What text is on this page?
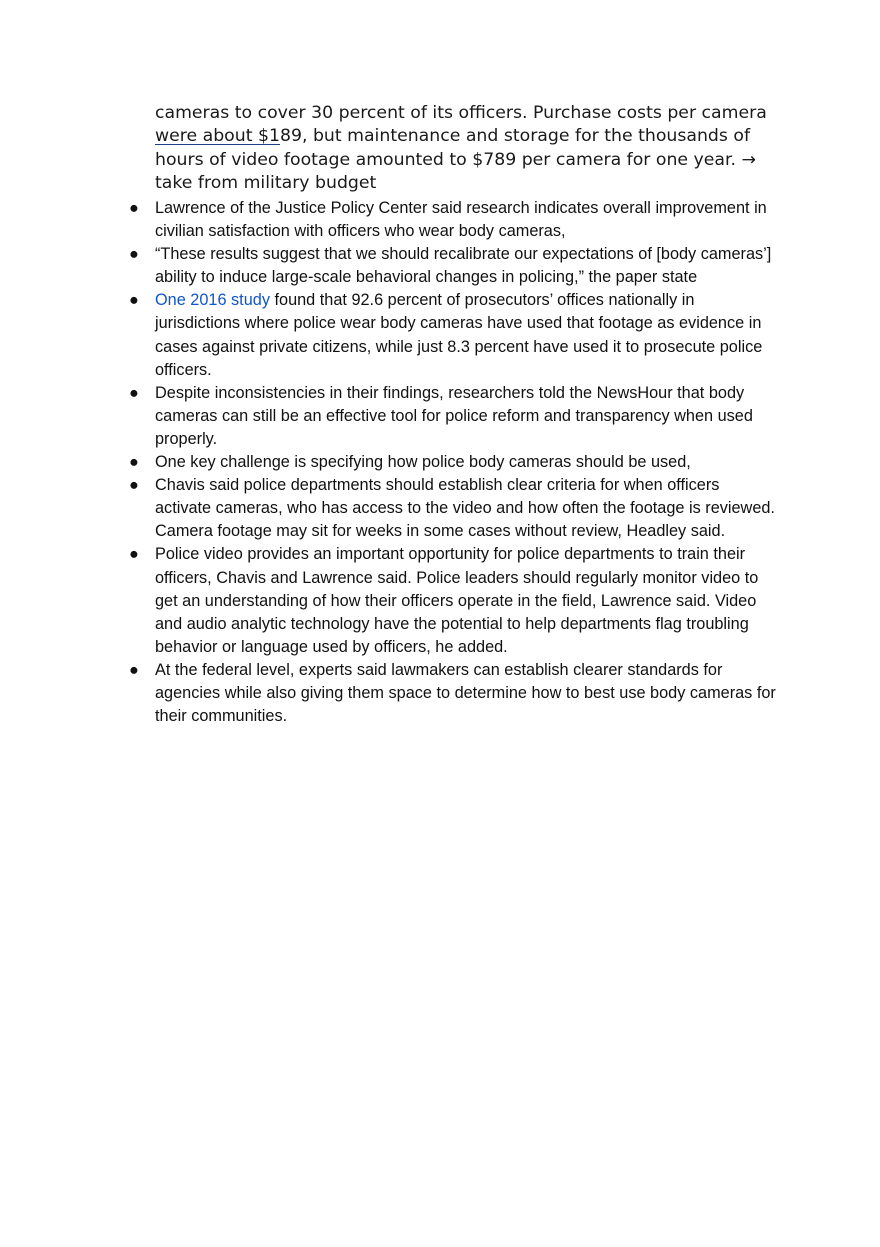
cameras to cover 30 percent of its officers. Purchase costs per camera were about $189, but maintenance and storage for the thousands of hours of video footage amounted to $789 per camera for one year. → take from military budget

● Lawrence of the Justice Policy Center said research indicates overall improvement in civilian satisfaction with officers who wear body cameras,
● “These results suggest that we should recalibrate our expectations of [body cameras’] ability to induce large-scale behavioral changes in policing,” the paper state
● One 2016 study found that 92.6 percent of prosecutors’ offices nationally in jurisdictions where police wear body cameras have used that footage as evidence in cases against private citizens, while just 8.3 percent have used it to prosecute police officers.
● Despite inconsistencies in their findings, researchers told the NewsHour that body cameras can still be an effective tool for police reform and transparency when used properly.
● One key challenge is specifying how police body cameras should be used,
● Chavis said police departments should establish clear criteria for when officers activate cameras, who has access to the video and how often the footage is reviewed. Camera footage may sit for weeks in some cases without review, Headley said.
● Police video provides an important opportunity for police departments to train their officers, Chavis and Lawrence said. Police leaders should regularly monitor video to get an understanding of how their officers operate in the field, Lawrence said. Video and audio analytic technology have the potential to help departments flag troubling behavior or language used by officers, he added.
● At the federal level, experts said lawmakers can establish clearer standards for agencies while also giving them space to determine how to best use body cameras for their communities.
